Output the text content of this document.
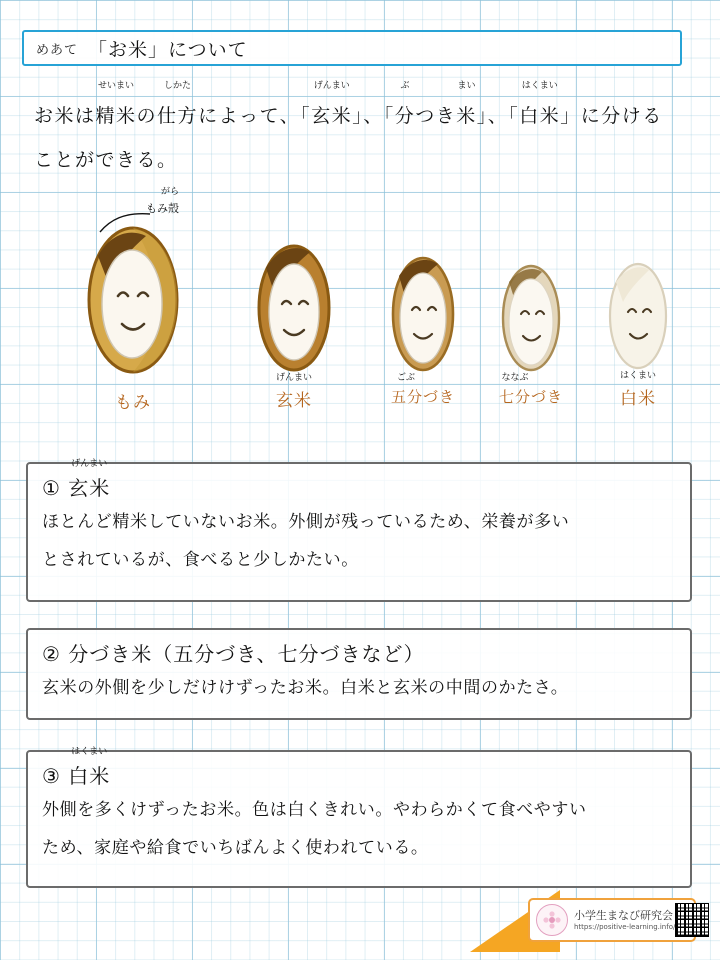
めあて 「お米」について
お米は
せいまい
精米の
しかた
仕方によって、「
げんまい
玄米」、「
ぶ
分つき
まい
米」、「
はくまい
白米」に分ける
ことができる。
がら
もみ殻
もみ
げんまい
玄米
ごぶ
五分づき
ななぶ
七分づき
はくまい
白米
①
げんまい
玄米
ほとんど精米していないお米。外側が残っているため、栄養が多い
とされているが、食べると少しかたい。
② 分づき米（五分づき、七分づきなど）
玄米の外側を少しだけけずったお米。白米と玄米の中間のかたさ。
③
はくまい
白米
外側を多くけずったお米。色は白くきれい。やわらかくて食べやすい
ため、家庭や給食でいちばんよく使われている。
小学生まなび研究会
https://positive-learning.info/
